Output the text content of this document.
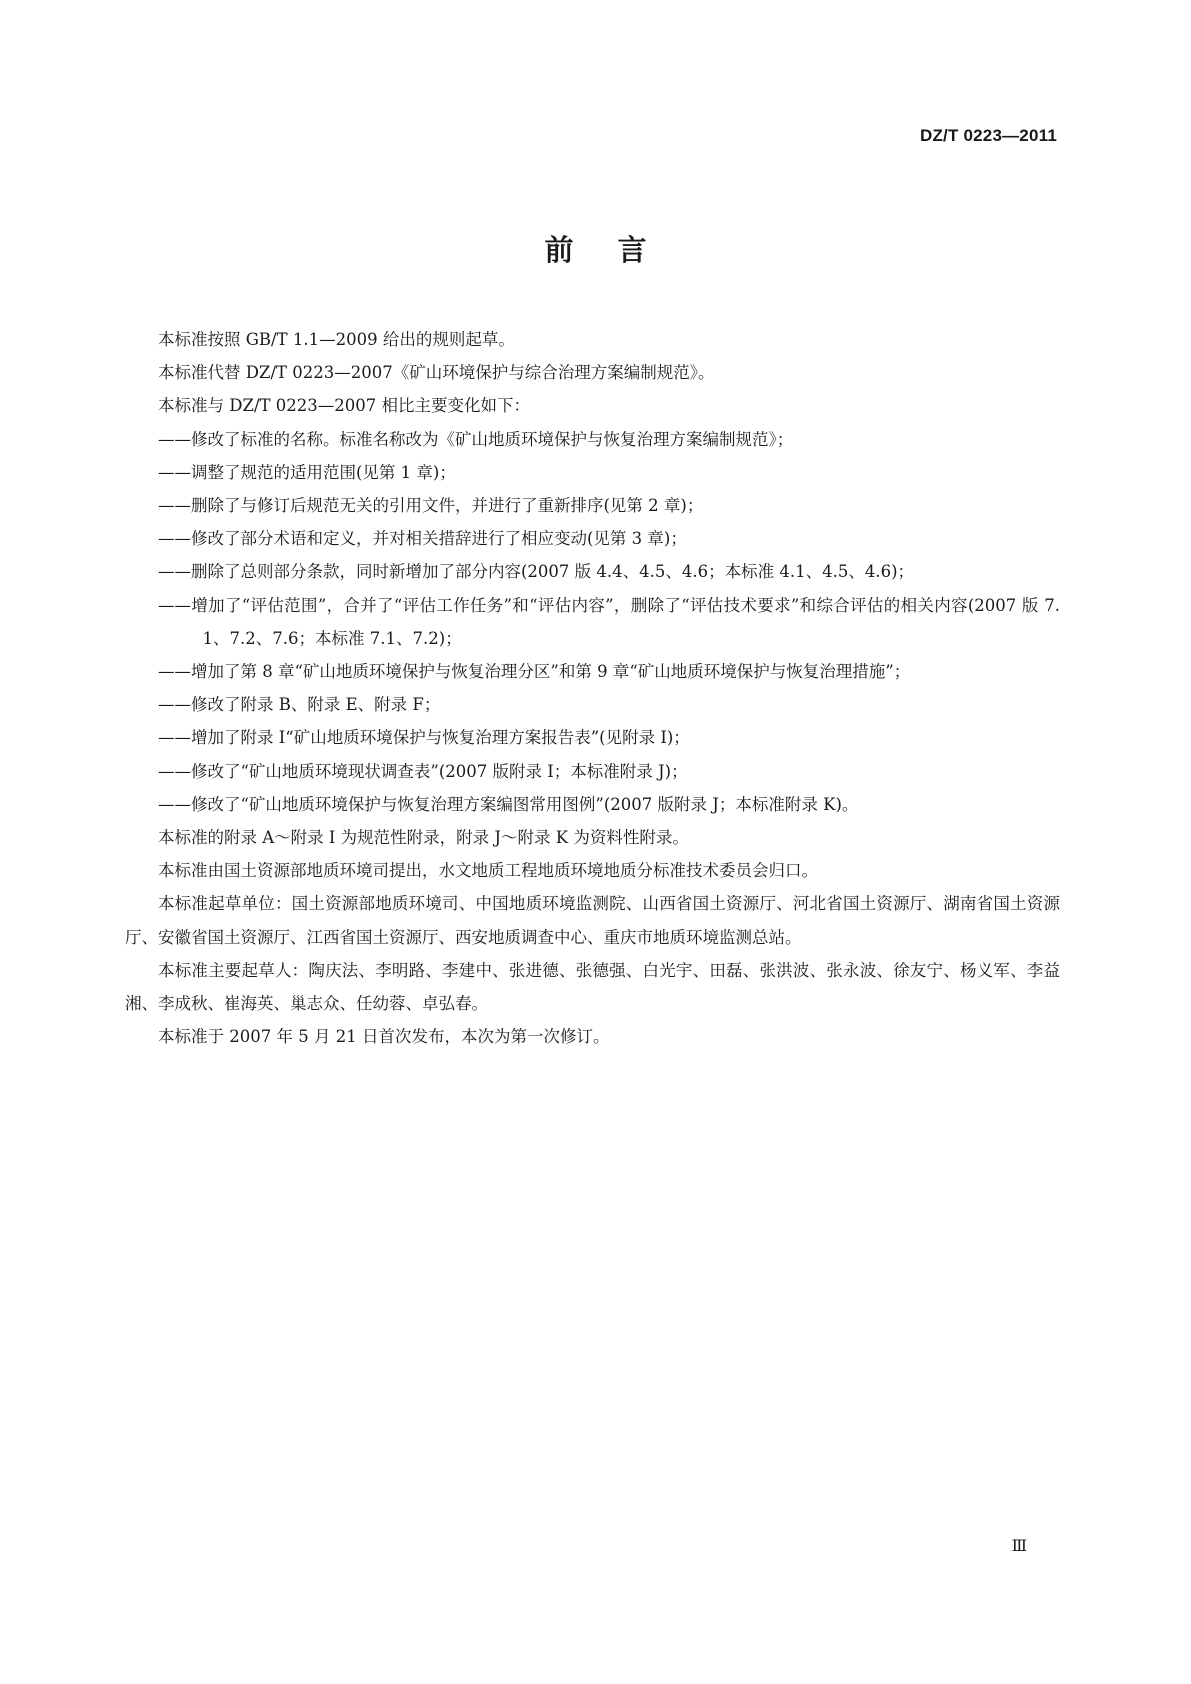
DZ/T 0223—2011
前言

本标准按照 GB/T 1.1—2009 给出的规则起草。

本标准代替 DZ/T 0223—2007《矿山环境保护与综合治理方案编制规范》。

本标准与 DZ/T 0223—2007 相比主要变化如下：

——修改了标准的名称。标准名称改为《矿山地质环境保护与恢复治理方案编制规范》；

——调整了规范的适用范围(见第 1 章)；

——删除了与修订后规范无关的引用文件，并进行了重新排序(见第 2 章)；

——修改了部分术语和定义，并对相关措辞进行了相应变动(见第 3 章)；

——删除了总则部分条款，同时新增加了部分内容(2007 版 4.4、4.5、4.6；本标准 4.1、4.5、4.6)；

——增加了“评估范围”，合并了“评估工作任务”和“评估内容”，删除了“评估技术要求”和综合评估的相关内容(2007 版 7.1、7.2、7.6；本标准 7.1、7.2)；

——增加了第 8 章“矿山地质环境保护与恢复治理分区”和第 9 章“矿山地质环境保护与恢复治理措施”；

——修改了附录 B、附录 E、附录 F；

——增加了附录 I“矿山地质环境保护与恢复治理方案报告表”(见附录 I)；

——修改了“矿山地质环境现状调查表”(2007 版附录 I；本标准附录 J)；

——修改了“矿山地质环境保护与恢复治理方案编图常用图例”(2007 版附录 J；本标准附录 K)。

本标准的附录 A～附录 I 为规范性附录，附录 J～附录 K 为资料性附录。

本标准由国土资源部地质环境司提出，水文地质工程地质环境地质分标准技术委员会归口。

本标准起草单位：国土资源部地质环境司、中国地质环境监测院、山西省国土资源厅、河北省国土资源厅、湖南省国土资源厅、安徽省国土资源厅、江西省国土资源厅、西安地质调查中心、重庆市地质环境监测总站。

本标准主要起草人：陶庆法、李明路、李建中、张进德、张德强、白光宇、田磊、张洪波、张永波、徐友宁、杨义军、李益湘、李成秋、崔海英、巢志众、任幼蓉、卓弘春。

本标准于 2007 年 5 月 21 日首次发布，本次为第一次修订。

Ⅲ
